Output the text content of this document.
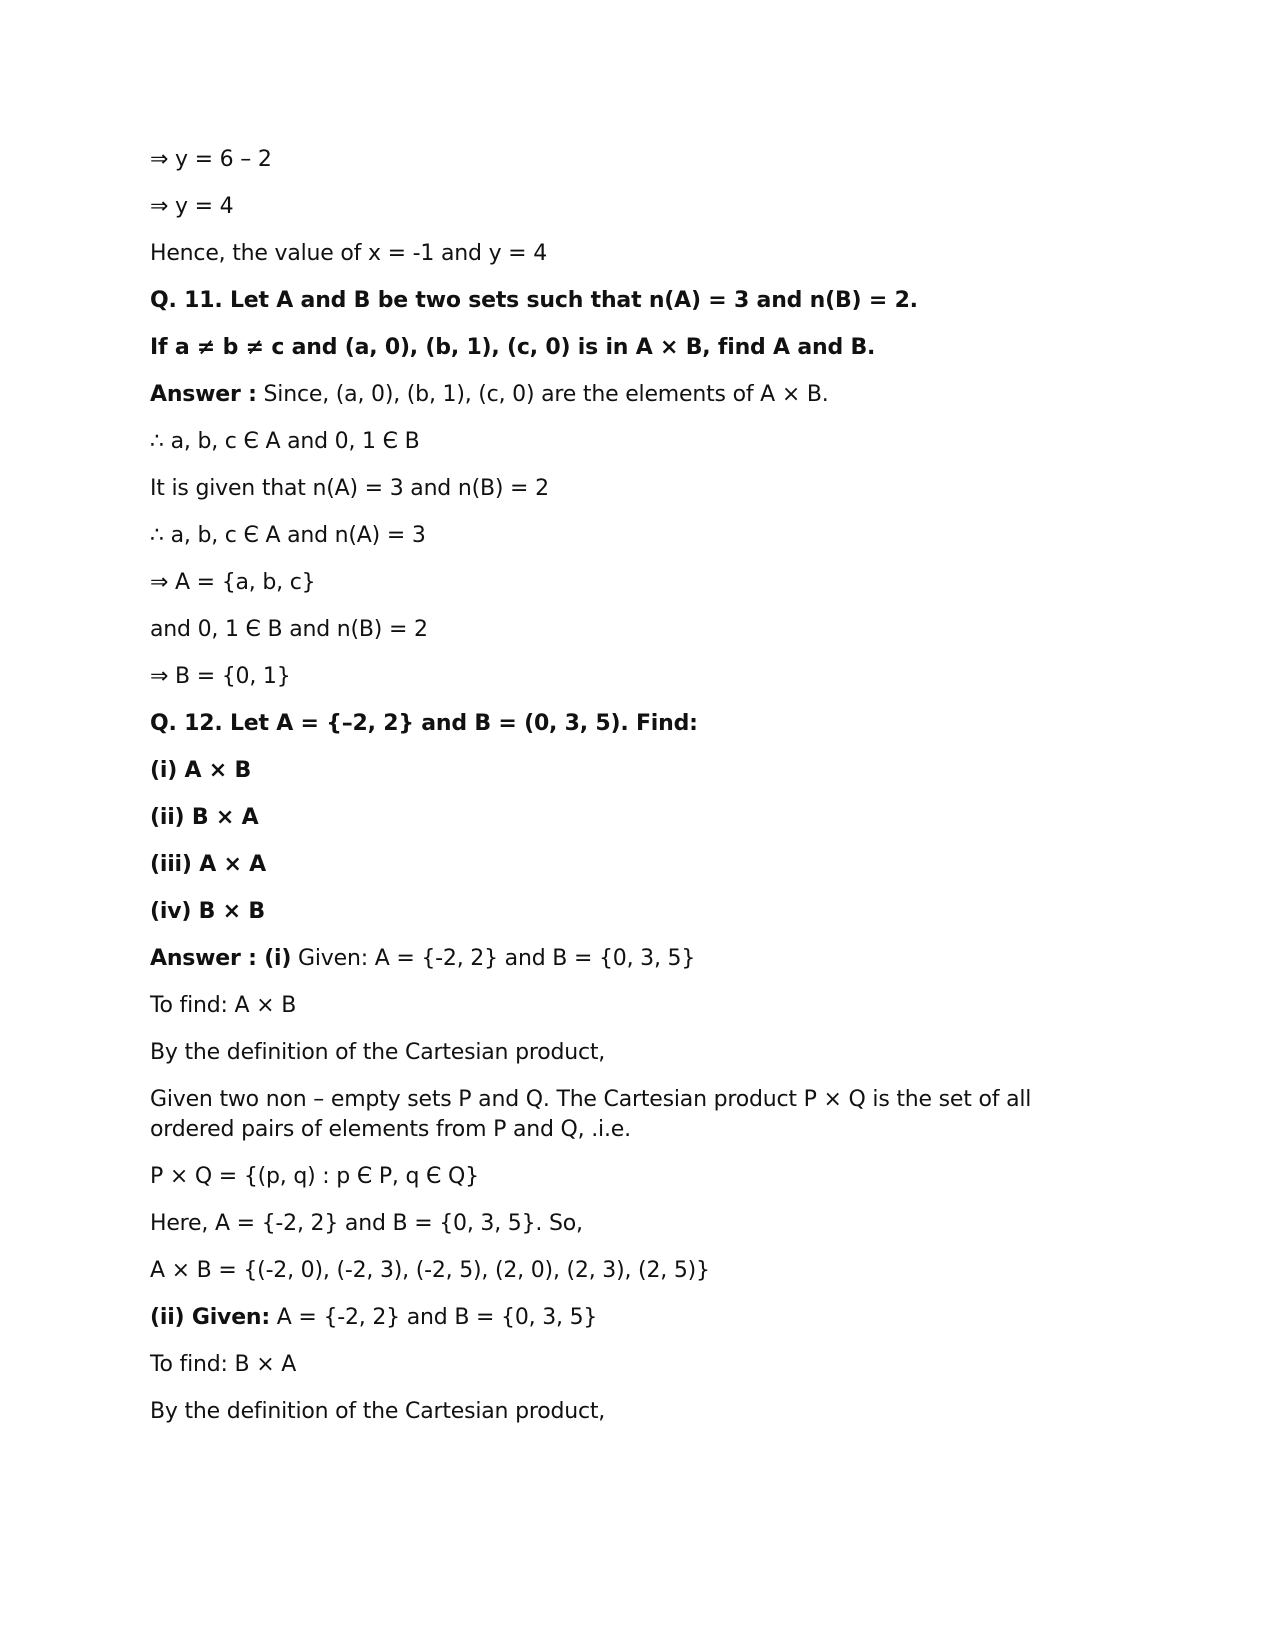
⇒ y = 6 – 2

⇒ y = 4

Hence, the value of x = -1 and y = 4

Q. 11. Let A and B be two sets such that n(A) = 3 and n(B) = 2.

If a ≠ b ≠ c and (a, 0), (b, 1), (c, 0) is in A × B, find A and B.

Answer : Since, (a, 0), (b, 1), (c, 0) are the elements of A × B.

∴ a, b, c Є A and 0, 1 Є B

It is given that n(A) = 3 and n(B) = 2

∴ a, b, c Є A and n(A) = 3

⇒ A = {a, b, c}

and 0, 1 Є B and n(B) = 2

⇒ B = {0, 1}

Q. 12. Let A = {–2, 2} and B = (0, 3, 5). Find:

(i) A × B

(ii) B × A

(iii) A × A

(iv) B × B

Answer : (i) Given: A = {-2, 2} and B = {0, 3, 5}

To find: A × B

By the definition of the Cartesian product,

Given two non – empty sets P and Q. The Cartesian product P × Q is the set of all ordered pairs of elements from P and Q, .i.e.

P × Q = {(p, q) : p Є P, q Є Q}

Here, A = {-2, 2} and B = {0, 3, 5}. So,

A × B = {(-2, 0), (-2, 3), (-2, 5), (2, 0), (2, 3), (2, 5)}

(ii) Given: A = {-2, 2} and B = {0, 3, 5}

To find: B × A

By the definition of the Cartesian product,
